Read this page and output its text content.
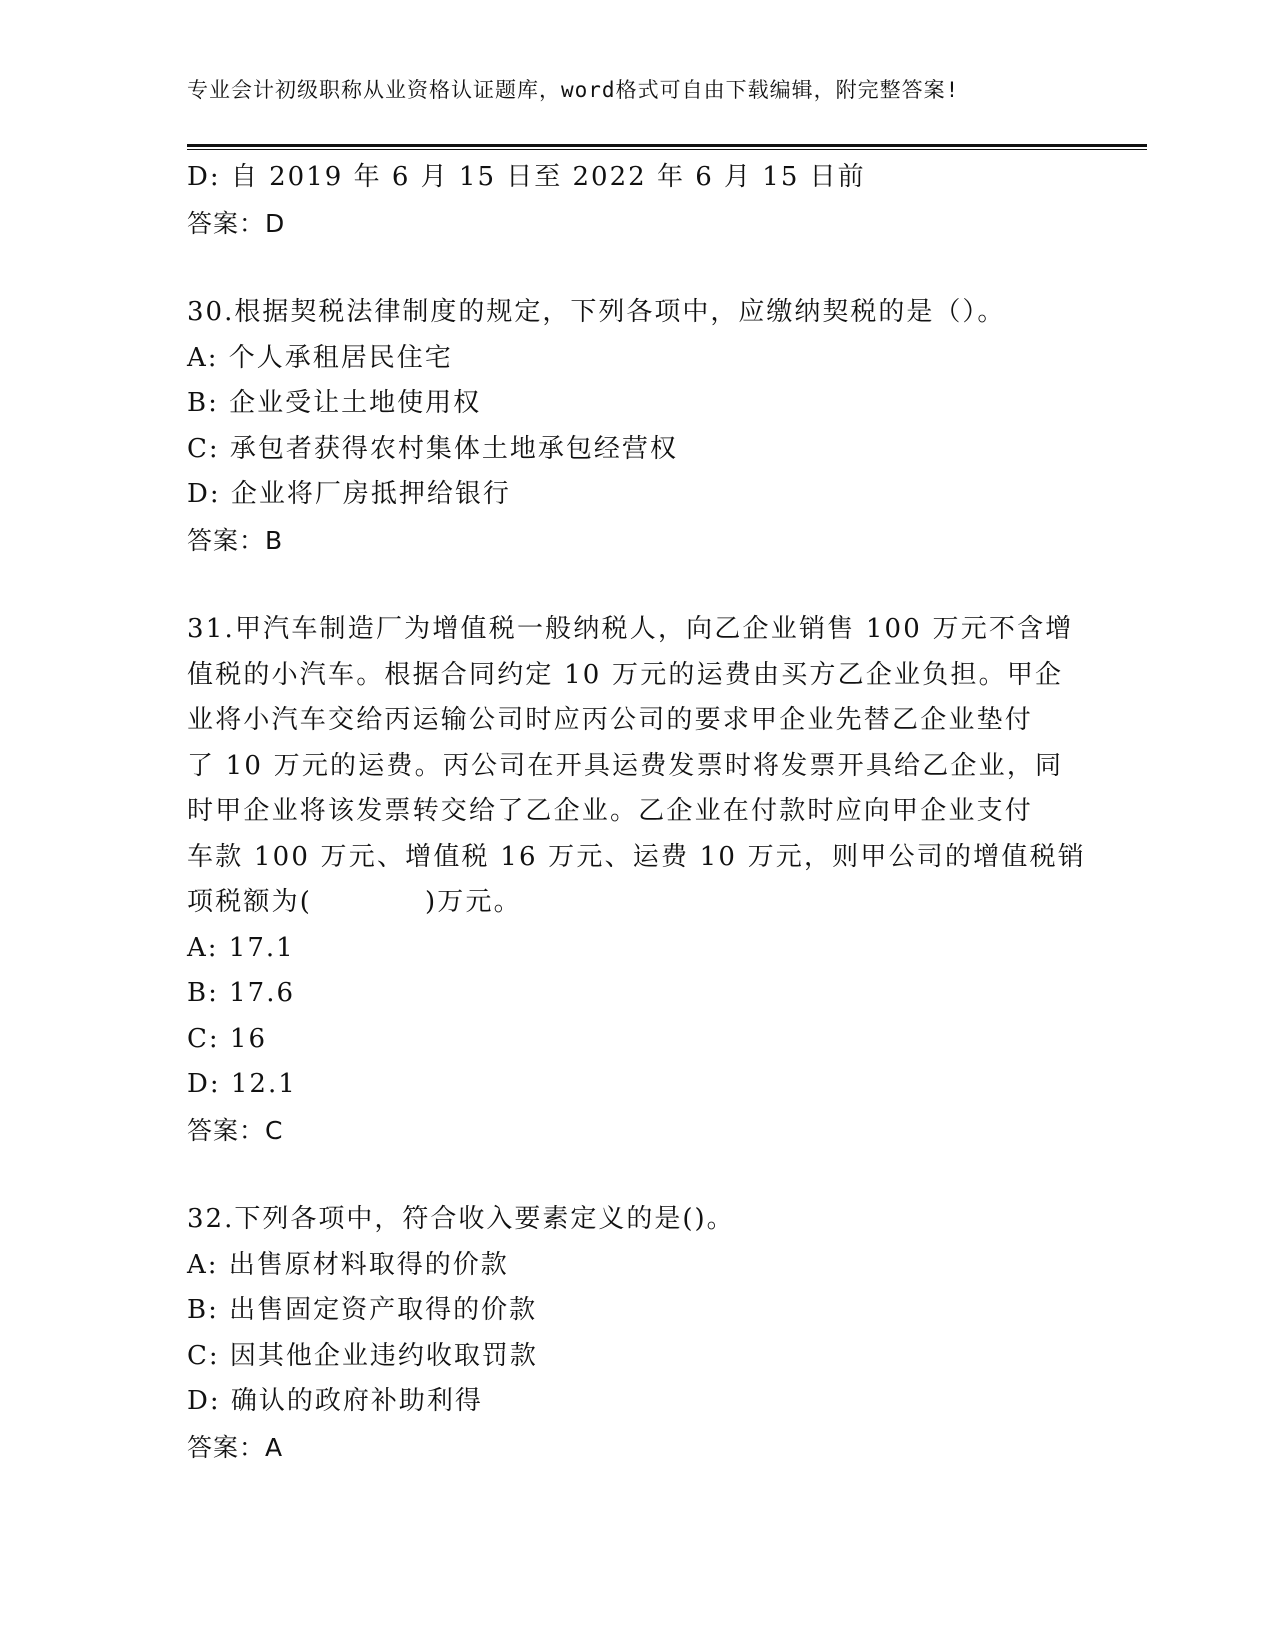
专业会计初级职称从业资格认证题库，word格式可自由下载编辑，附完整答案!
D: 自 2019 年 6 月 15 日至 2022 年 6 月 15 日前
答案：D
30.根据契税法律制度的规定，下列各项中，应缴纳契税的是（）。
A: 个人承租居民住宅
B: 企业受让土地使用权
C: 承包者获得农村集体土地承包经营权
D: 企业将厂房抵押给银行
答案：B
31.甲汽车制造厂为增值税一般纳税人，向乙企业销售 100 万元不含增
值税的小汽车。根据合同约定 10 万元的运费由买方乙企业负担。甲企
业将小汽车交给丙运输公司时应丙公司的要求甲企业先替乙企业垫付
了 10 万元的运费。丙公司在开具运费发票时将发票开具给乙企业，同
时甲企业将该发票转交给了乙企业。乙企业在付款时应向甲企业支付
车款 100 万元、增值税 16 万元、运费 10 万元，则甲公司的增值税销
项税额为(　　　　)万元。
A: 17.1
B: 17.6
C: 16
D: 12.1
答案：C
32.下列各项中，符合收入要素定义的是()。
A: 出售原材料取得的价款
B: 出售固定资产取得的价款
C: 因其他企业违约收取罚款
D: 确认的政府补助利得
答案：A
